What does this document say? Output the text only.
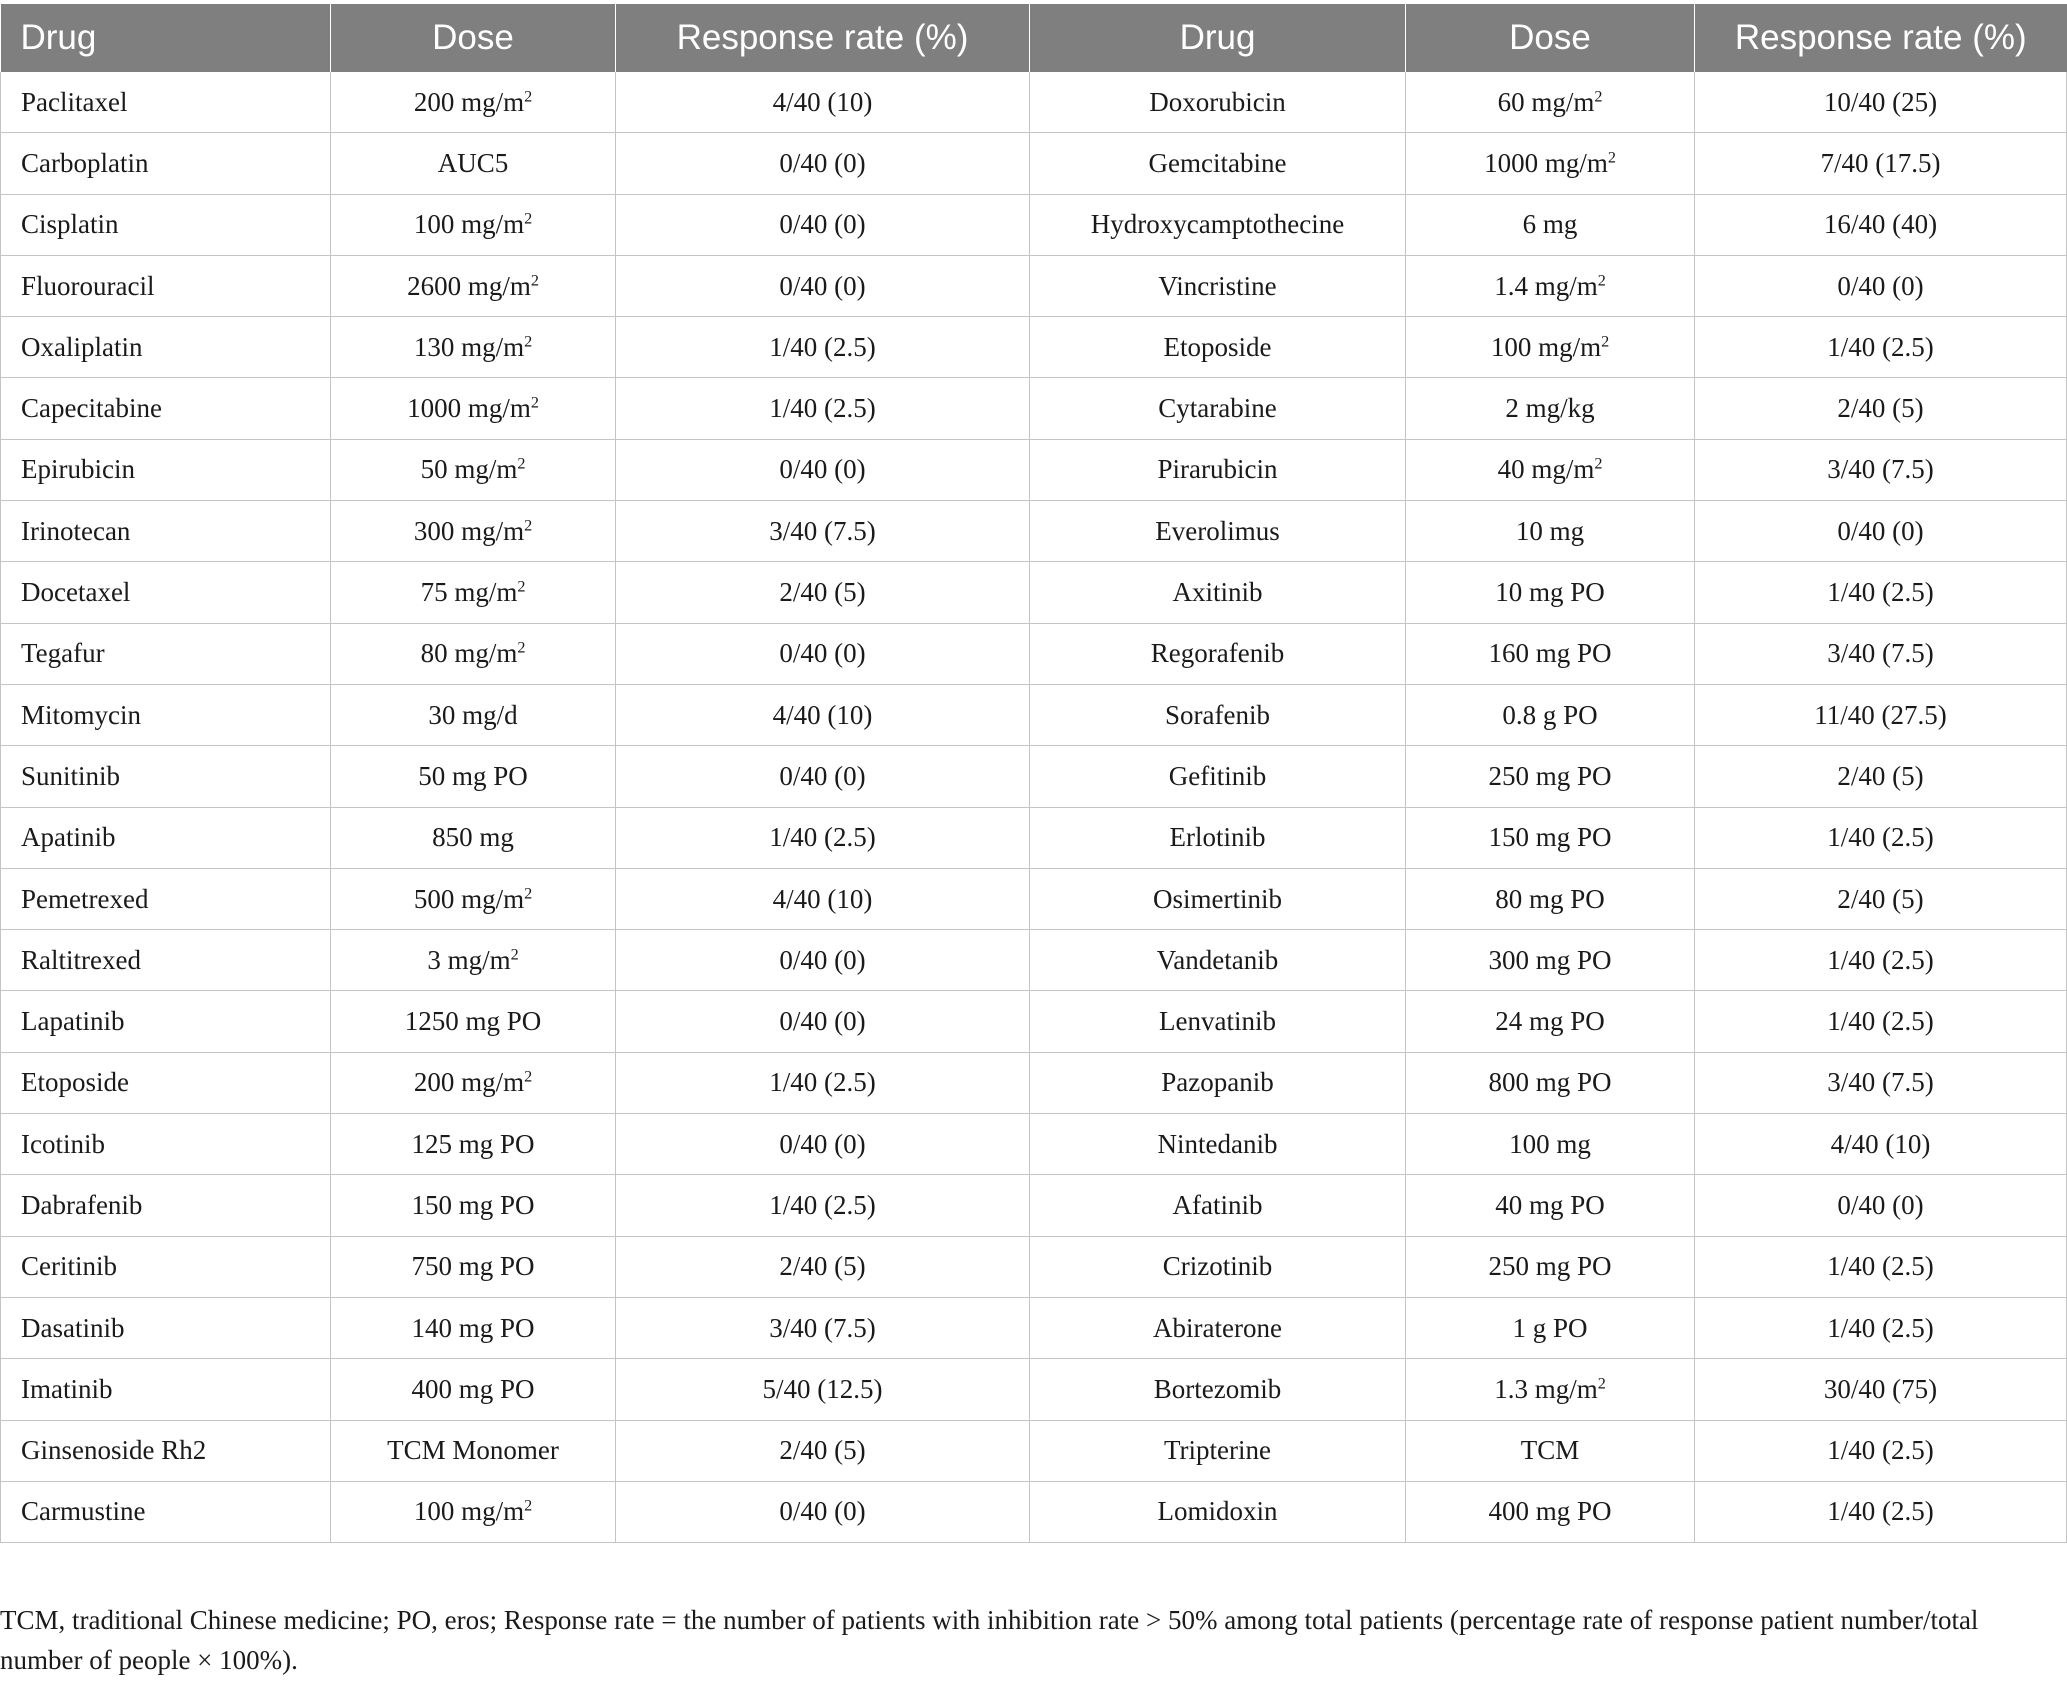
Drug	Dose	Response rate (%)	Drug	Dose	Response rate (%)
Paclitaxel	200 $mg/m^2$	4/40 (10)	Doxorubicin	60 $mg/m^2$	10/40 (25)
Carboplatin	AUC5	0/40 (0)	Gemcitabine	1000 $mg/m^2$	7/40 (17.5)
Cisplatin	100 $mg/m^2$	0/40 (0)	Hydroxycamptothecine	6 mg	16/40 (40)
Fluorouracil	2600 $mg/m^2$	0/40 (0)	Vincristine	1.4 $mg/m^2$	0/40 (0)
Oxaliplatin	130 $mg/m^2$	1/40 (2.5)	Etoposide	100 $mg/m^2$	1/40 (2.5)
Capecitabine	1000 $mg/m^2$	1/40 (2.5)	Cytarabine	2 mg/kg	2/40 (5)
Epirubicin	50 $mg/m^2$	0/40 (0)	Pirarubicin	40 $mg/m^2$	3/40 (7.5)
Irinotecan	300 $mg/m^2$	3/40 (7.5)	Everolimus	10 mg	0/40 (0)
Docetaxel	75 $mg/m^2$	2/40 (5)	Axitinib	10 mg PO	1/40 (2.5)
Tegafur	80 $mg/m^2$	0/40 (0)	Regorafenib	160 mg PO	3/40 (7.5)
Mitomycin	30 mg/d	4/40 (10)	Sorafenib	0.8 g PO	11/40 (27.5)
Sunitinib	50 mg PO	0/40 (0)	Gefitinib	250 mg PO	2/40 (5)
Apatinib	850 mg	1/40 (2.5)	Erlotinib	150 mg PO	1/40 (2.5)
Pemetrexed	500 $mg/m^2$	4/40 (10)	Osimertinib	80 mg PO	2/40 (5)
Raltitrexed	3 $mg/m^2$	0/40 (0)	Vandetanib	300 mg PO	1/40 (2.5)
Lapatinib	1250 mg PO	0/40 (0)	Lenvatinib	24 mg PO	1/40 (2.5)
Etoposide	200 $mg/m^2$	1/40 (2.5)	Pazopanib	800 mg PO	3/40 (7.5)
Icotinib	125 mg PO	0/40 (0)	Nintedanib	100 mg	4/40 (10)
Dabrafenib	150 mg PO	1/40 (2.5)	Afatinib	40 mg PO	0/40 (0)
Ceritinib	750 mg PO	2/40 (5)	Crizotinib	250 mg PO	1/40 (2.5)
Dasatinib	140 mg PO	3/40 (7.5)	Abiraterone	1 g PO	1/40 (2.5)
Imatinib	400 mg PO	5/40 (12.5)	Bortezomib	1.3 $mg/m^2$	30/40 (75)
Ginsenoside Rh2	TCM Monomer	2/40 (5)	Tripterine	TCM	1/40 (2.5)
Carmustine	100 $mg/m^2$	0/40 (0)	Lomidoxin	400 mg PO	1/40 (2.5)
TCM, traditional Chinese medicine; PO, eros; Response rate = the number of patients with inhibition rate > 50% among total patients (percentage rate of response patient number/total number of people × 100%).
